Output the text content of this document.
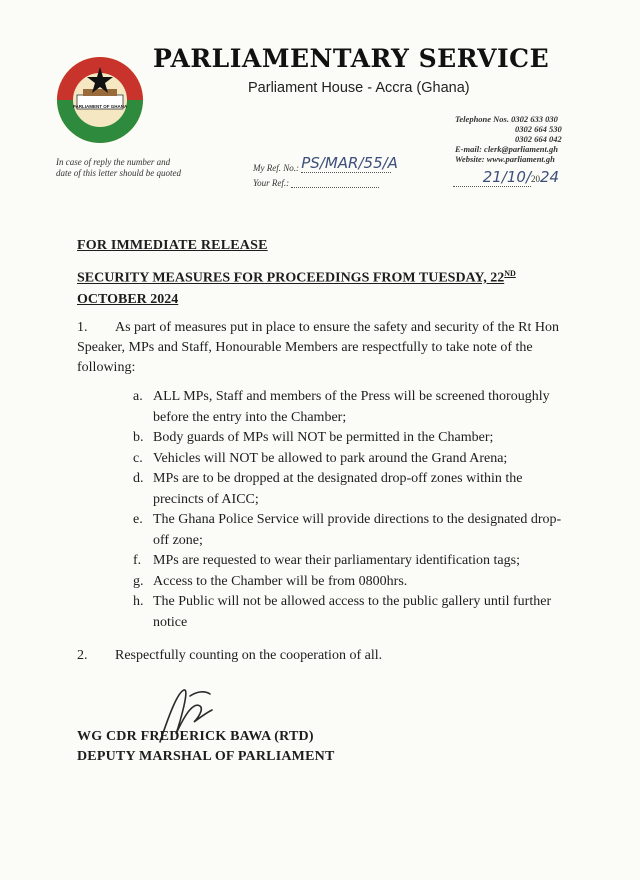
PARLIAMENT OF GHANA
PARLIAMENTARY SERVICE
Parliament House - Accra (Ghana)
Telephone Nos. 0302 633 030
0302 664 530
0302 664 042
E-mail: clerk@parliament.gh
Website: www.parliament.gh
In case of reply the number and date of this letter should be quoted	My Ref. No.: PS/MAR/55/A
Your Ref.:	21/10/2024
FOR IMMEDIATE RELEASE
SECURITY MEASURES FOR PROCEEDINGS FROM TUESDAY, 22ND
OCTOBER 2024
1. As part of measures put in place to ensure the safety and security of the Rt Hon Speaker, MPs and Staff, Honourable Members are respectfully to take note of the following:
a. ALL MPs, Staff and members of the Press will be screened thoroughly before the entry into the Chamber;
b. Body guards of MPs will NOT be permitted in the Chamber;
c. Vehicles will NOT be allowed to park around the Grand Arena;
d. MPs are to be dropped at the designated drop-off zones within the precincts of AICC;
e. The Ghana Police Service will provide directions to the designated drop-off zone;
f. MPs are requested to wear their parliamentary identification tags;
g. Access to the Chamber will be from 0800hrs.
h. The Public will not be allowed access to the public gallery until further notice
2. Respectfully counting on the cooperation of all.
WG CDR FREDERICK BAWA (RTD)
DEPUTY MARSHAL OF PARLIAMENT
